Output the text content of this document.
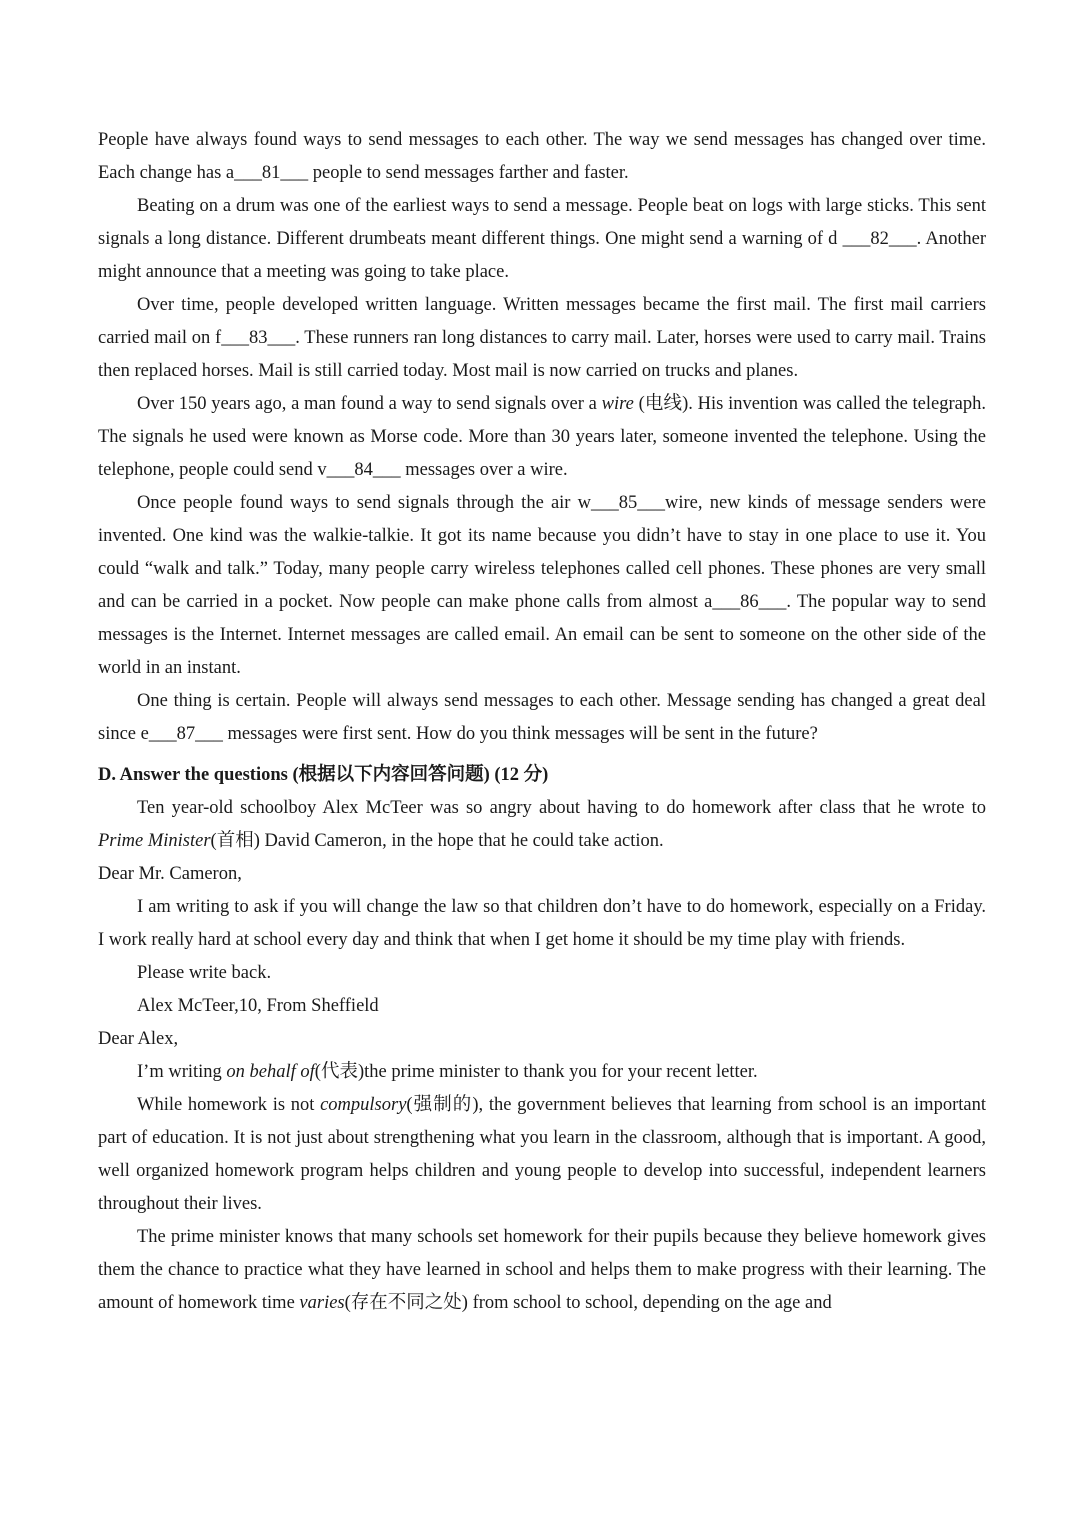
People have always found ways to send messages to each other. The way we send messages has changed over time. Each change has a___81___ people to send messages farther and faster.

Beating on a drum was one of the earliest ways to send a message. People beat on logs with large sticks. This sent signals a long distance. Different drumbeats meant different things. One might send a warning of d ___82___. Another might announce that a meeting was going to take place.

Over time, people developed written language. Written messages became the first mail. The first mail carriers carried mail on f___83___. These runners ran long distances to carry mail. Later, horses were used to carry mail. Trains then replaced horses. Mail is still carried today. Most mail is now carried on trucks and planes.

Over 150 years ago, a man found a way to send signals over a wire (电线). His invention was called the telegraph. The signals he used were known as Morse code. More than 30 years later, someone invented the telephone. Using the telephone, people could send v___84___ messages over a wire.

Once people found ways to send signals through the air w___85___wire, new kinds of message senders were invented. One kind was the walkie-talkie. It got its name because you didn’t have to stay in one place to use it. You could “walk and talk.” Today, many people carry wireless telephones called cell phones. These phones are very small and can be carried in a pocket. Now people can make phone calls from almost a___86___. The popular way to send messages is the Internet. Internet messages are called email. An email can be sent to someone on the other side of the world in an instant.

One thing is certain. People will always send messages to each other. Message sending has changed a great deal since e___87___ messages were first sent. How do you think messages will be sent in the future?

D. Answer the questions (根据以下内容回答问题) (12 分)

Ten year-old schoolboy Alex McTeer was so angry about having to do homework after class that he wrote to Prime Minister(首相) David Cameron, in the hope that he could take action.

Dear Mr. Cameron,

I am writing to ask if you will change the law so that children don’t have to do homework, especially on a Friday. I work really hard at school every day and think that when I get home it should be my time play with friends.

Please write back.

Alex McTeer,10, From Sheffield

Dear Alex,

I’m writing on behalf of(代表)the prime minister to thank you for your recent letter.

While homework is not compulsory(强制的), the government believes that learning from school is an important part of education. It is not just about strengthening what you learn in the classroom, although that is important. A good, well organized homework program helps children and young people to develop into successful, independent learners throughout their lives.

The prime minister knows that many schools set homework for their pupils because they believe homework gives them the chance to practice what they have learned in school and helps them to make progress with their learning. The amount of homework time varies(存在不同之处) from school to school, depending on the age and
